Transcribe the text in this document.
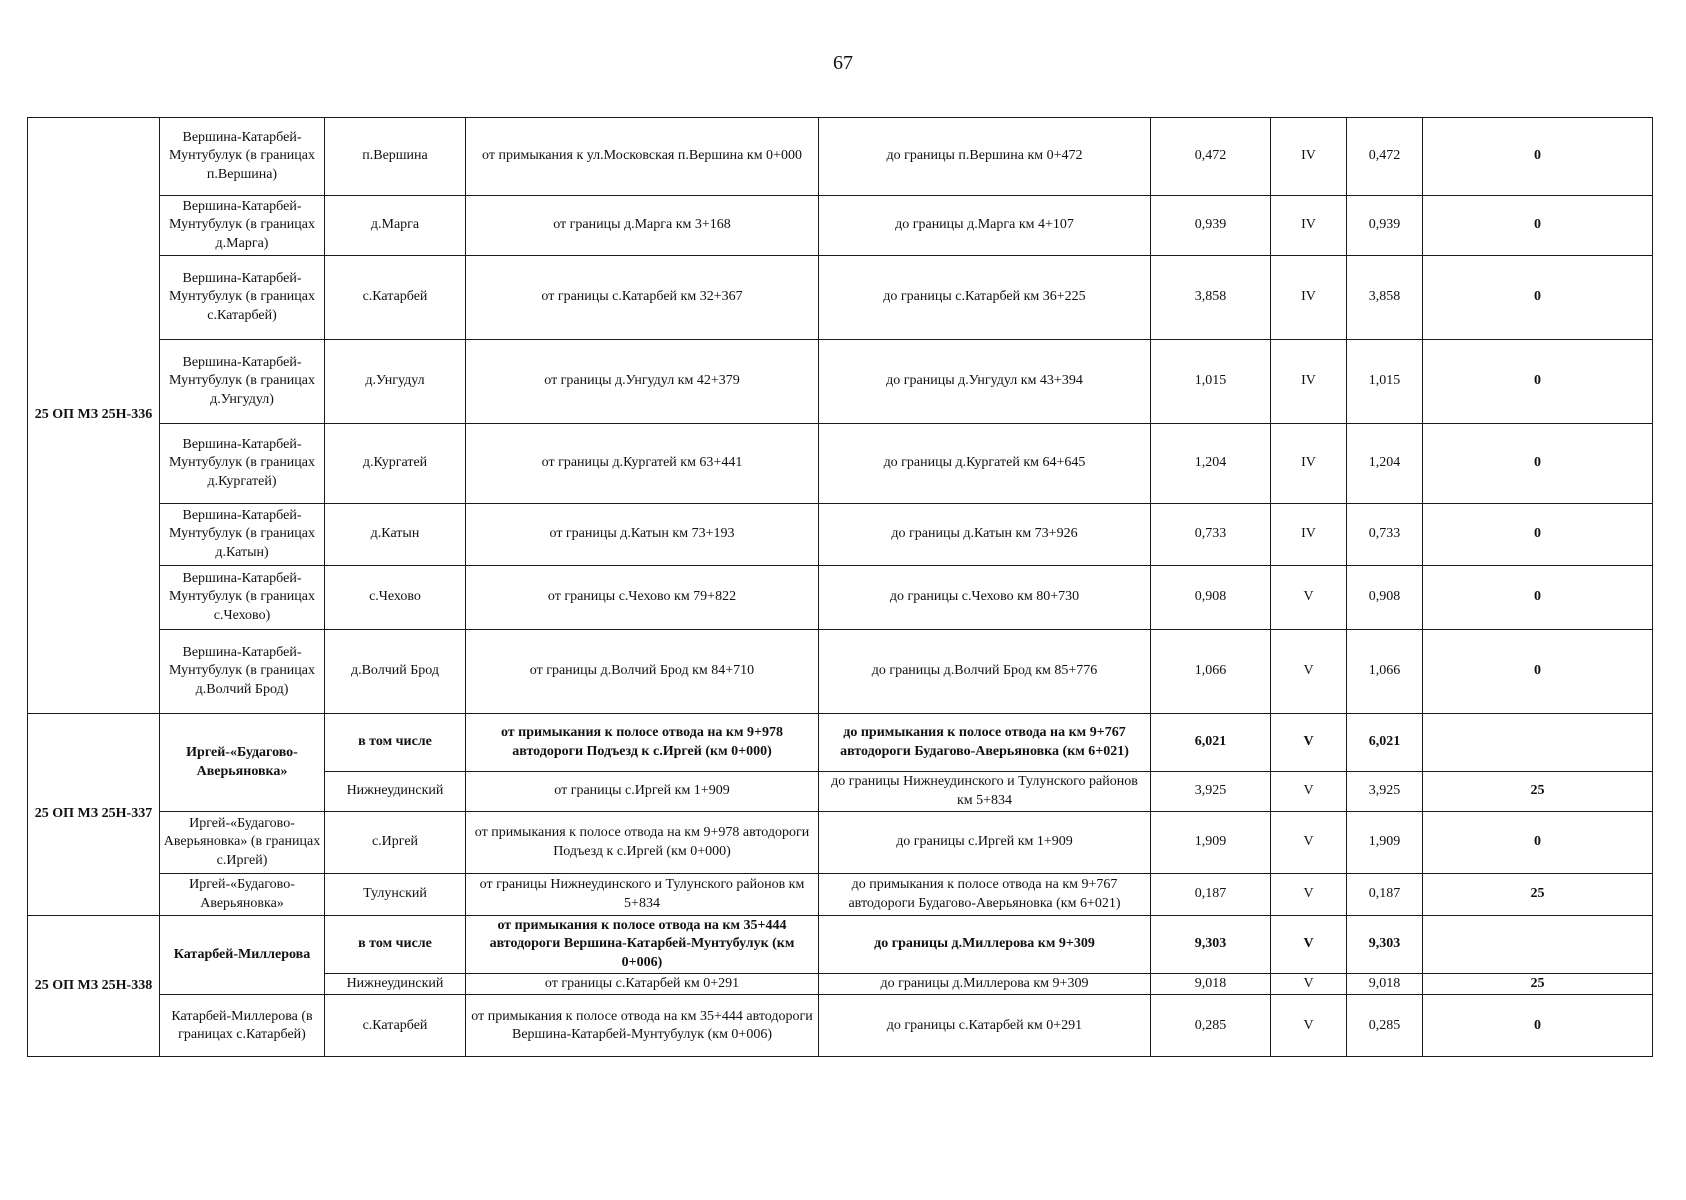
67
25 ОП МЗ 25Н-336	Вершина-Катарбей-Мунтубулук (в границах п.Вершина)	п.Вершина	от примыкания к ул.Московская п.Вершина км 0+000	до границы п.Вершина км 0+472	0,472	IV	0,472	0
	Вершина-Катарбей-Мунтубулук (в границах д.Марга)	д.Марга	от границы д.Марга км 3+168	до границы д.Марга км 4+107	0,939	IV	0,939	0
	Вершина-Катарбей-Мунтубулук (в границах с.Катарбей)	с.Катарбей	от границы с.Катарбей км 32+367	до границы с.Катарбей км 36+225	3,858	IV	3,858	0
	Вершина-Катарбей-Мунтубулук (в границах д.Унгудул)	д.Унгудул	от границы д.Унгудул км 42+379	до границы д.Унгудул км 43+394	1,015	IV	1,015	0
	Вершина-Катарбей-Мунтубулук (в границах д.Кургатей)	д.Кургатей	от границы д.Кургатей км 63+441	до границы д.Кургатей км 64+645	1,204	IV	1,204	0
	Вершина-Катарбей-Мунтубулук (в границах д.Катын)	д.Катын	от границы д.Катын км 73+193	до границы д.Катын км 73+926	0,733	IV	0,733	0
	Вершина-Катарбей-Мунтубулук (в границах с.Чехово)	с.Чехово	от границы с.Чехово км 79+822	до границы с.Чехово км 80+730	0,908	V	0,908	0
	Вершина-Катарбей-Мунтубулук (в границах д.Волчий Брод)	д.Волчий Брод	от границы д.Волчий Брод км 84+710	до границы д.Волчий Брод км 85+776	1,066	V	1,066	0
25 ОП МЗ 25Н-337	Иргей-«Будагово-Аверьяновка»	в том числе	от примыкания к полосе отвода на км 9+978 автодороги Подъезд к с.Иргей (км 0+000)	до примыкания к полосе отвода на км 9+767 автодороги Будагово-Аверьяновка (км 6+021)	6,021	V	6,021	
		Нижнеудинский	от границы с.Иргей км 1+909	до границы Нижнеудинского и Тулунского районов км 5+834	3,925	V	3,925	25
	Иргей-«Будагово-Аверьяновка» (в границах с.Иргей)	с.Иргей	от примыкания к полосе отвода на км 9+978 автодороги Подъезд к с.Иргей (км 0+000)	до границы с.Иргей км 1+909	1,909	V	1,909	0
	Иргей-«Будагово-Аверьяновка»	Тулунский	от границы Нижнеудинского и Тулунского районов км 5+834	до примыкания к полосе отвода на км 9+767 автодороги Будагово-Аверьяновка (км 6+021)	0,187	V	0,187	25
25 ОП МЗ 25Н-338	Катарбей-Миллерова	в том числе	от примыкания к полосе отвода на км 35+444 автодороги Вершина-Катарбей-Мунтубулук (км 0+006)	до границы д.Миллерова км 9+309	9,303	V	9,303	
		Нижнеудинский	от границы с.Катарбей км 0+291	до границы д.Миллерова км 9+309	9,018	V	9,018	25
	Катарбей-Миллерова (в границах с.Катарбей)	с.Катарбей	от примыкания к полосе отвода на км 35+444 автодороги Вершина-Катарбей-Мунтубулук (км 0+006)	до границы с.Катарбей км 0+291	0,285	V	0,285	0
